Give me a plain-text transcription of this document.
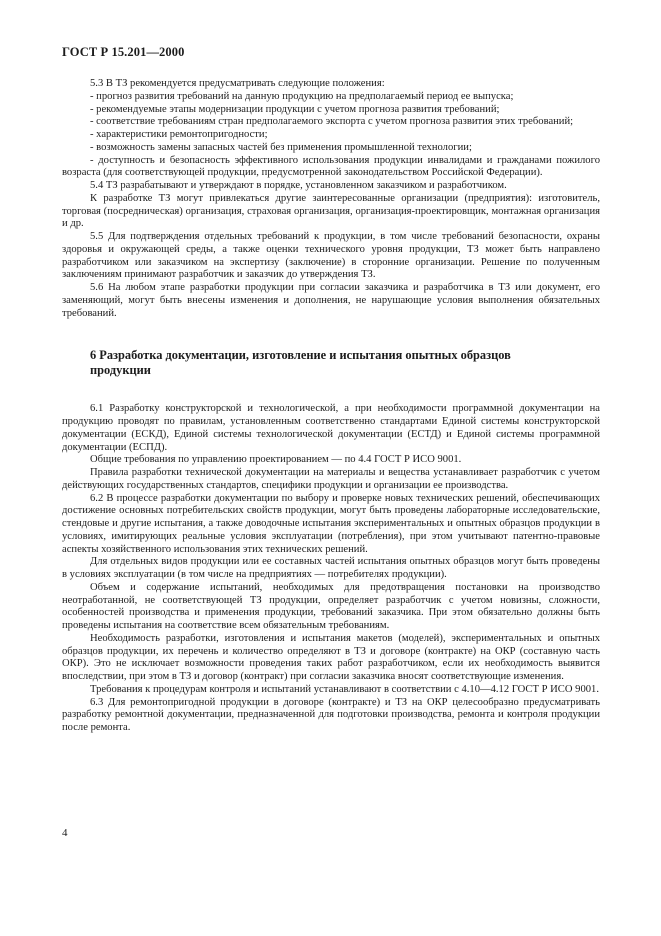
ГОСТ Р 15.201—2000

5.3 В ТЗ рекомендуется предусматривать следующие положения:

- прогноз развития требований на данную продукцию на предполагаемый период ее выпуска;

- рекомендуемые этапы модернизации продукции с учетом прогноза развития требований;

- соответствие требованиям стран предполагаемого экспорта с учетом прогноза развития этих требований;

- характеристики ремонтопригодности;

- возможность замены запасных частей без применения промышленной технологии;

- доступность и безопасность эффективного использования продукции инвалидами и гражданами пожилого возраста (для соответствующей продукции, предусмотренной законодательством Российской Федерации).

5.4 ТЗ разрабатывают и утверждают в порядке, установленном заказчиком и разработчиком.

К разработке ТЗ могут привлекаться другие заинтересованные организации (предприятия): изготовитель, торговая (посредническая) организация, страховая организация, организация-проектировщик, монтажная организация и др.

5.5 Для подтверждения отдельных требований к продукции, в том числе требований безопасности, охраны здоровья и окружающей среды, а также оценки технического уровня продукции, ТЗ может быть направлено разработчиком или заказчиком на экспертизу (заключение) в сторонние организации. Решение по полученным заключениям принимают разработчик и заказчик до утверждения ТЗ.

5.6 На любом этапе разработки продукции при согласии заказчика и разработчика в ТЗ или документ, его заменяющий, могут быть внесены изменения и дополнения, не нарушающие условия выполнения обязательных требований.

6 Разработка документации, изготовление и испытания опытных образцов продукции

6.1 Разработку конструкторской и технологической, а при необходимости программной документации на продукцию проводят по правилам, установленным соответственно стандартами Единой системы конструкторской документации (ЕСКД), Единой системы технологической документации (ЕСТД) и Единой системы программной документации (ЕСПД).

Общие требования по управлению проектированием — по 4.4 ГОСТ Р ИСО 9001.

Правила разработки технической документации на материалы и вещества устанавливает разработчик с учетом действующих государственных стандартов, специфики продукции и организации ее производства.

6.2 В процессе разработки документации по выбору и проверке новых технических решений, обеспечивающих достижение основных потребительских свойств продукции, могут быть проведены лабораторные исследовательские, стендовые и другие испытания, а также доводочные испытания экспериментальных и опытных образцов продукции в условиях, имитирующих реальные условия эксплуатации (потребления), при этом учитывают патентно-правовые аспекты хозяйственного использования этих технических решений.

Для отдельных видов продукции или ее составных частей испытания опытных образцов могут быть проведены в условиях эксплуатации (в том числе на предприятиях — потребителях продукции).

Объем и содержание испытаний, необходимых для предотвращения постановки на производство неотработанной, не соответствующей ТЗ продукции, определяет разработчик с учетом новизны, сложности, особенностей производства и применения продукции, требований заказчика. При этом обязательно должны быть проведены испытания на соответствие всем обязательным требованиям.

Необходимость разработки, изготовления и испытания макетов (моделей), экспериментальных и опытных образцов продукции, их перечень и количество определяют в ТЗ и договоре (контракте) на ОКР (составную часть ОКР). Это не исключает возможности проведения таких работ разработчиком, если их необходимость выявится впоследствии, при этом в ТЗ и договор (контракт) при согласии заказчика вносят соответствующие изменения.

Требования к процедурам контроля и испытаний устанавливают в соответствии с 4.10—4.12 ГОСТ Р ИСО 9001.

6.3 Для ремонтопригодной продукции в договоре (контракте) и ТЗ на ОКР целесообразно предусматривать разработку ремонтной документации, предназначенной для подготовки производства, ремонта и контроля продукции после ремонта.

4
